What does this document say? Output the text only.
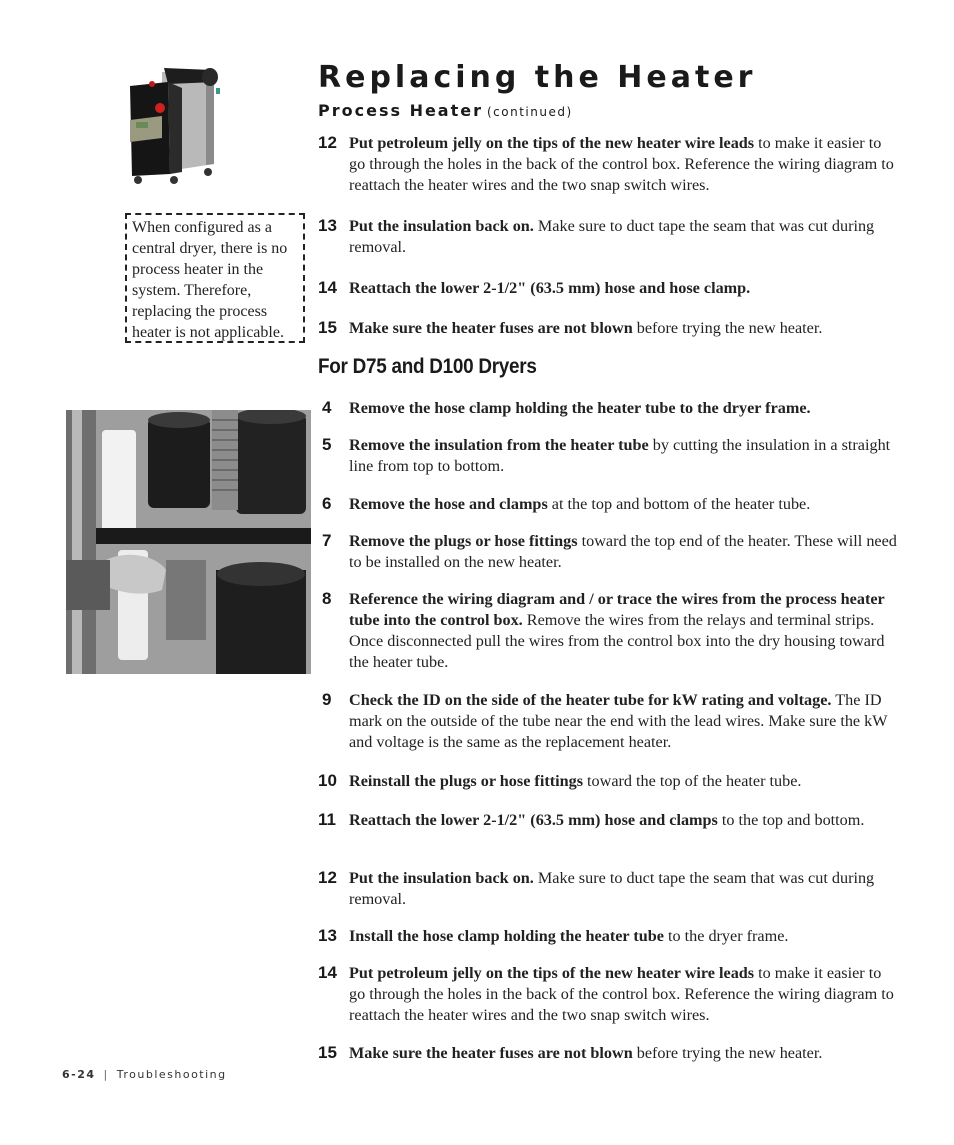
Replacing the Heater
Process Heater (continued)
When configured as a central dryer, there is no process heater in the system. Therefore, replacing the process heater is not applicable.
For D75 and D100 Dryers
12 Put petroleum jelly on the tips of the new heater wire leads to make it easier to go through the holes in the back of the control box. Reference the wiring diagram to reattach the heater wires and the two snap switch wires.
13 Put the insulation back on. Make sure to duct tape the seam that was cut during removal.
14 Reattach the lower 2-1/2" (63.5 mm) hose and hose clamp.
15 Make sure the heater fuses are not blown before trying the new heater.
4	Remove the hose clamp holding the heater tube to the dryer frame.
5	Remove the insulation from the heater tube by cutting the insulation in a straight line from top to bottom.
6	Remove the hose and clamps at the top and bottom of the heater tube.
7	Remove the plugs or hose fittings toward the top end of the heater. These will need to be installed on the new heater.
8	Reference the wiring diagram and / or trace the wires from the process heater tube into the control box. Remove the wires from the relays and terminal strips. Once disconnected pull the wires from the control box into the dry housing toward the heater tube.
9	Check the ID on the side of the heater tube for kW rating and voltage. The ID mark on the outside of the tube near the end with the lead wires. Make sure the kW and voltage is the same as the replacement heater.
10 Reinstall the plugs or hose fittings toward the top of the heater tube.
11 Reattach the lower 2-1/2" (63.5 mm) hose and clamps to the top and bottom.
12 Put the insulation back on. Make sure to duct tape the seam that was cut during removal.
13 Install the hose clamp holding the heater tube to the dryer frame.
14 Put petroleum jelly on the tips of the new heater wire leads to make it easier to go through the holes in the back of the control box. Reference the wiring diagram to reattach the heater wires and the two snap switch wires.
15 Make sure the heater fuses are not blown before trying the new heater.

6-24 | Troubleshooting
